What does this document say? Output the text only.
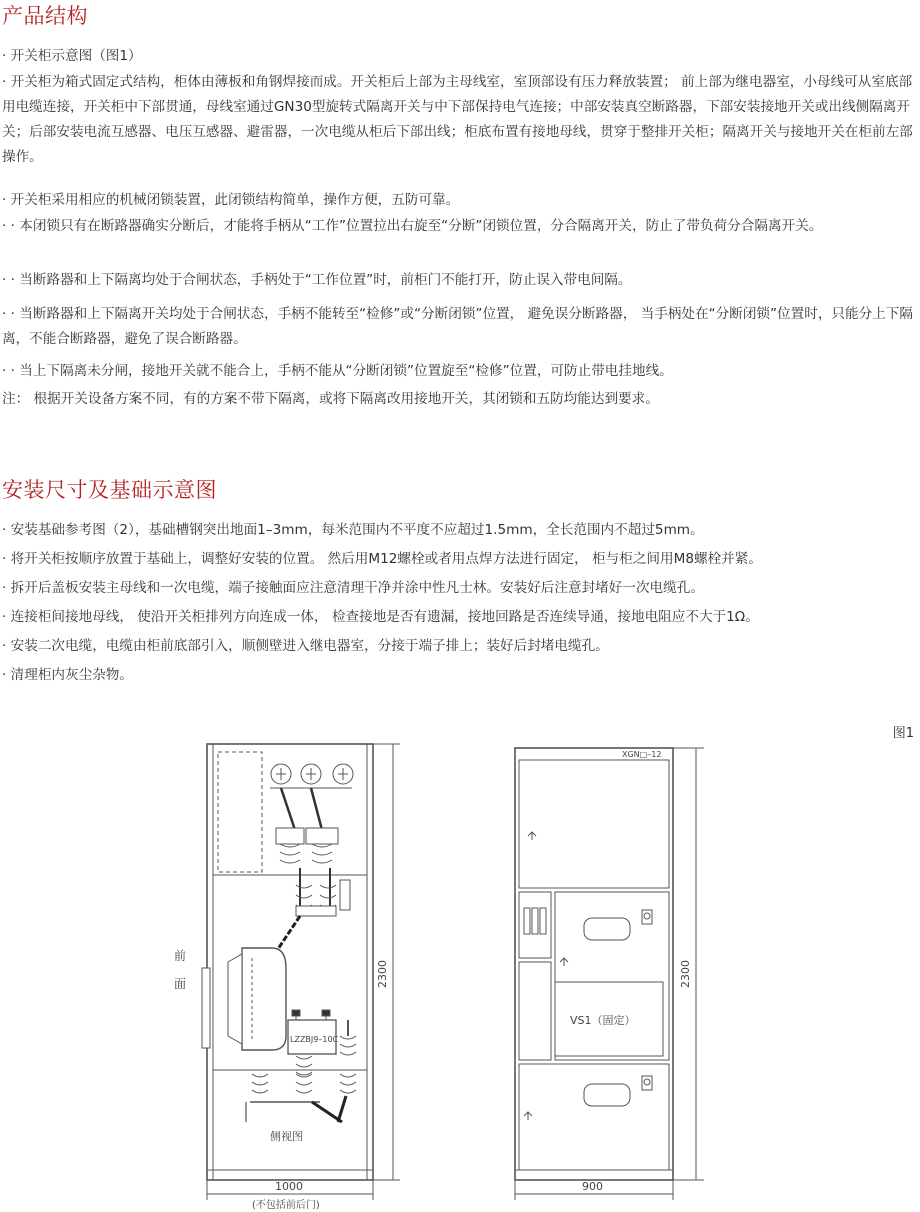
产品结构

· 开关柜示意图（图1）

· 开关柜为箱式固定式结构，柜体由薄板和角钢焊接而成。开关柜后上部为主母线室，室顶部设有压力释放装置； 前上部为继电器室，小母线可从室底部用电缆连接，开关柜中下部贯通，母线室通过GN30型旋转式隔离开关与中下部保持电气连接；中部安装真空断路器，下部安装接地开关或出线侧隔离开关；后部安装电流互感器、电压互感器、避雷器，一次电缆从柜后下部出线；柜底布置有接地母线，贯穿于整排开关柜；隔离开关与接地开关在柜前左部操作。

· 开关柜采用相应的机械闭锁装置，此闭锁结构简单，操作方便，五防可靠。

· · 本闭锁只有在断路器确实分断后，才能将手柄从“工作”位置拉出右旋至“分断”闭锁位置，分合隔离开关，防止了带负荷分合隔离开关。

· · 当断路器和上下隔离均处于合闸状态，手柄处于“工作位置”时，前柜门不能打开，防止误入带电间隔。

· · 当断路器和上下隔离开关均处于合闸状态，手柄不能转至“检修”或“分断闭锁”位置， 避免误分断路器， 当手柄处在“分断闭锁”位置时，只能分上下隔离，不能合断路器，避免了误合断路器。

· · 当上下隔离未分闸，接地开关就不能合上，手柄不能从“分断闭锁”位置旋至“检修”位置，可防止带电挂地线。

注： 根据开关设备方案不同，有的方案不带下隔离，或将下隔离改用接地开关，其闭锁和五防均能达到要求。

安装尺寸及基础示意图

· 安装基础参考图（2），基础槽钢突出地面1–3mm，每米范围内不平度不应超过1.5mm，全长范围内不超过5mm。

· 将开关柜按顺序放置于基础上，调整好安装的位置。 然后用M12螺栓或者用点焊方法进行固定， 柜与柜之间用M8螺栓并紧。

· 拆开后盖板安装主母线和一次电缆，端子接触面应注意清理干净并涂中性凡士林。安装好后注意封堵好一次电缆孔。

· 连接柜间接地母线， 使沿开关柜排列方向连成一体， 检查接地是否有遗漏，接地回路是否连续导通，接地电阻应不大于1Ω。

· 安装二次电缆，电缆由柜前底部引入，顺侧壁进入继电器室，分接于端子排上；装好后封堵电缆孔。

· 清理柜内灰尘杂物。

图1
LZZBJ9–10C
前
面
侧视图
2300
1000
(不包括前后门)
XGN□–12
VS1（固定）
2300
900
